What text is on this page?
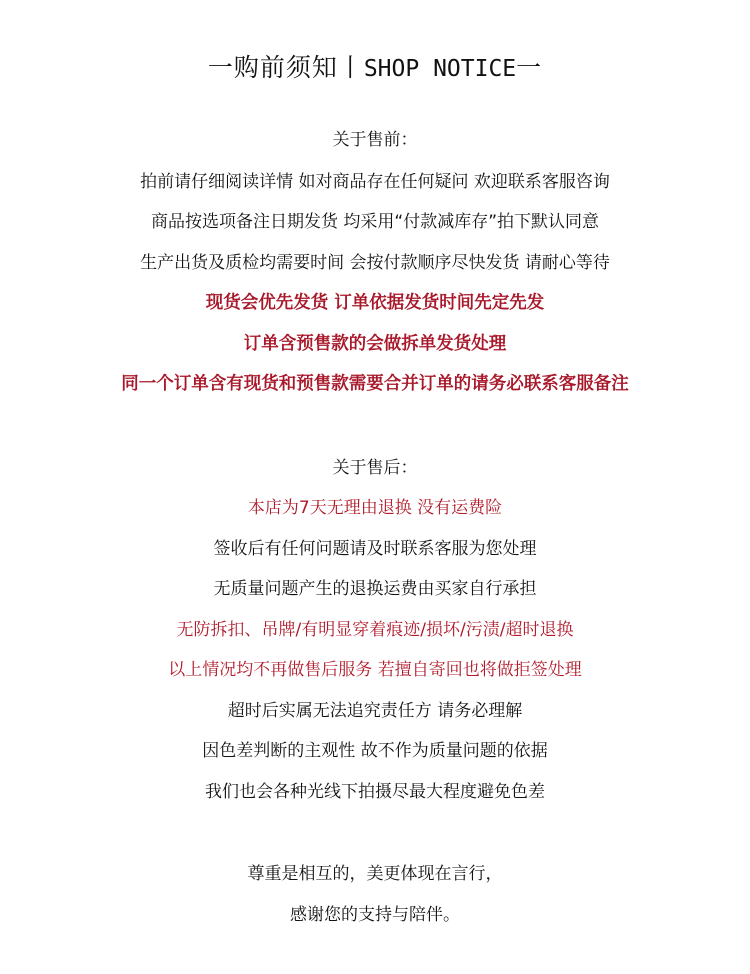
一购前须知丨SHOP NOTICE一
关于售前：
拍前请仔细阅读详情 如对商品存在任何疑问 欢迎联系客服咨询
商品按选项备注日期发货 均采用“付款减库存”拍下默认同意
生产出货及质检均需要时间 会按付款顺序尽快发货 请耐心等待
现货会优先发货 订单依据发货时间先定先发
订单含预售款的会做拆单发货处理
同一个订单含有现货和预售款需要合并订单的请务必联系客服备注
关于售后：
本店为7天无理由退换 没有运费险
签收后有任何问题请及时联系客服为您处理
无质量问题产生的退换运费由买家自行承担
无防拆扣、吊牌/有明显穿着痕迹/损坏/污渍/超时退换
以上情况均不再做售后服务 若擅自寄回也将做拒签处理
超时后实属无法追究责任方 请务必理解
因色差判断的主观性 故不作为质量问题的依据
我们也会各种光线下拍摄尽最大程度避免色差
尊重是相互的，美更体现在言行，
感谢您的支持与陪伴。
